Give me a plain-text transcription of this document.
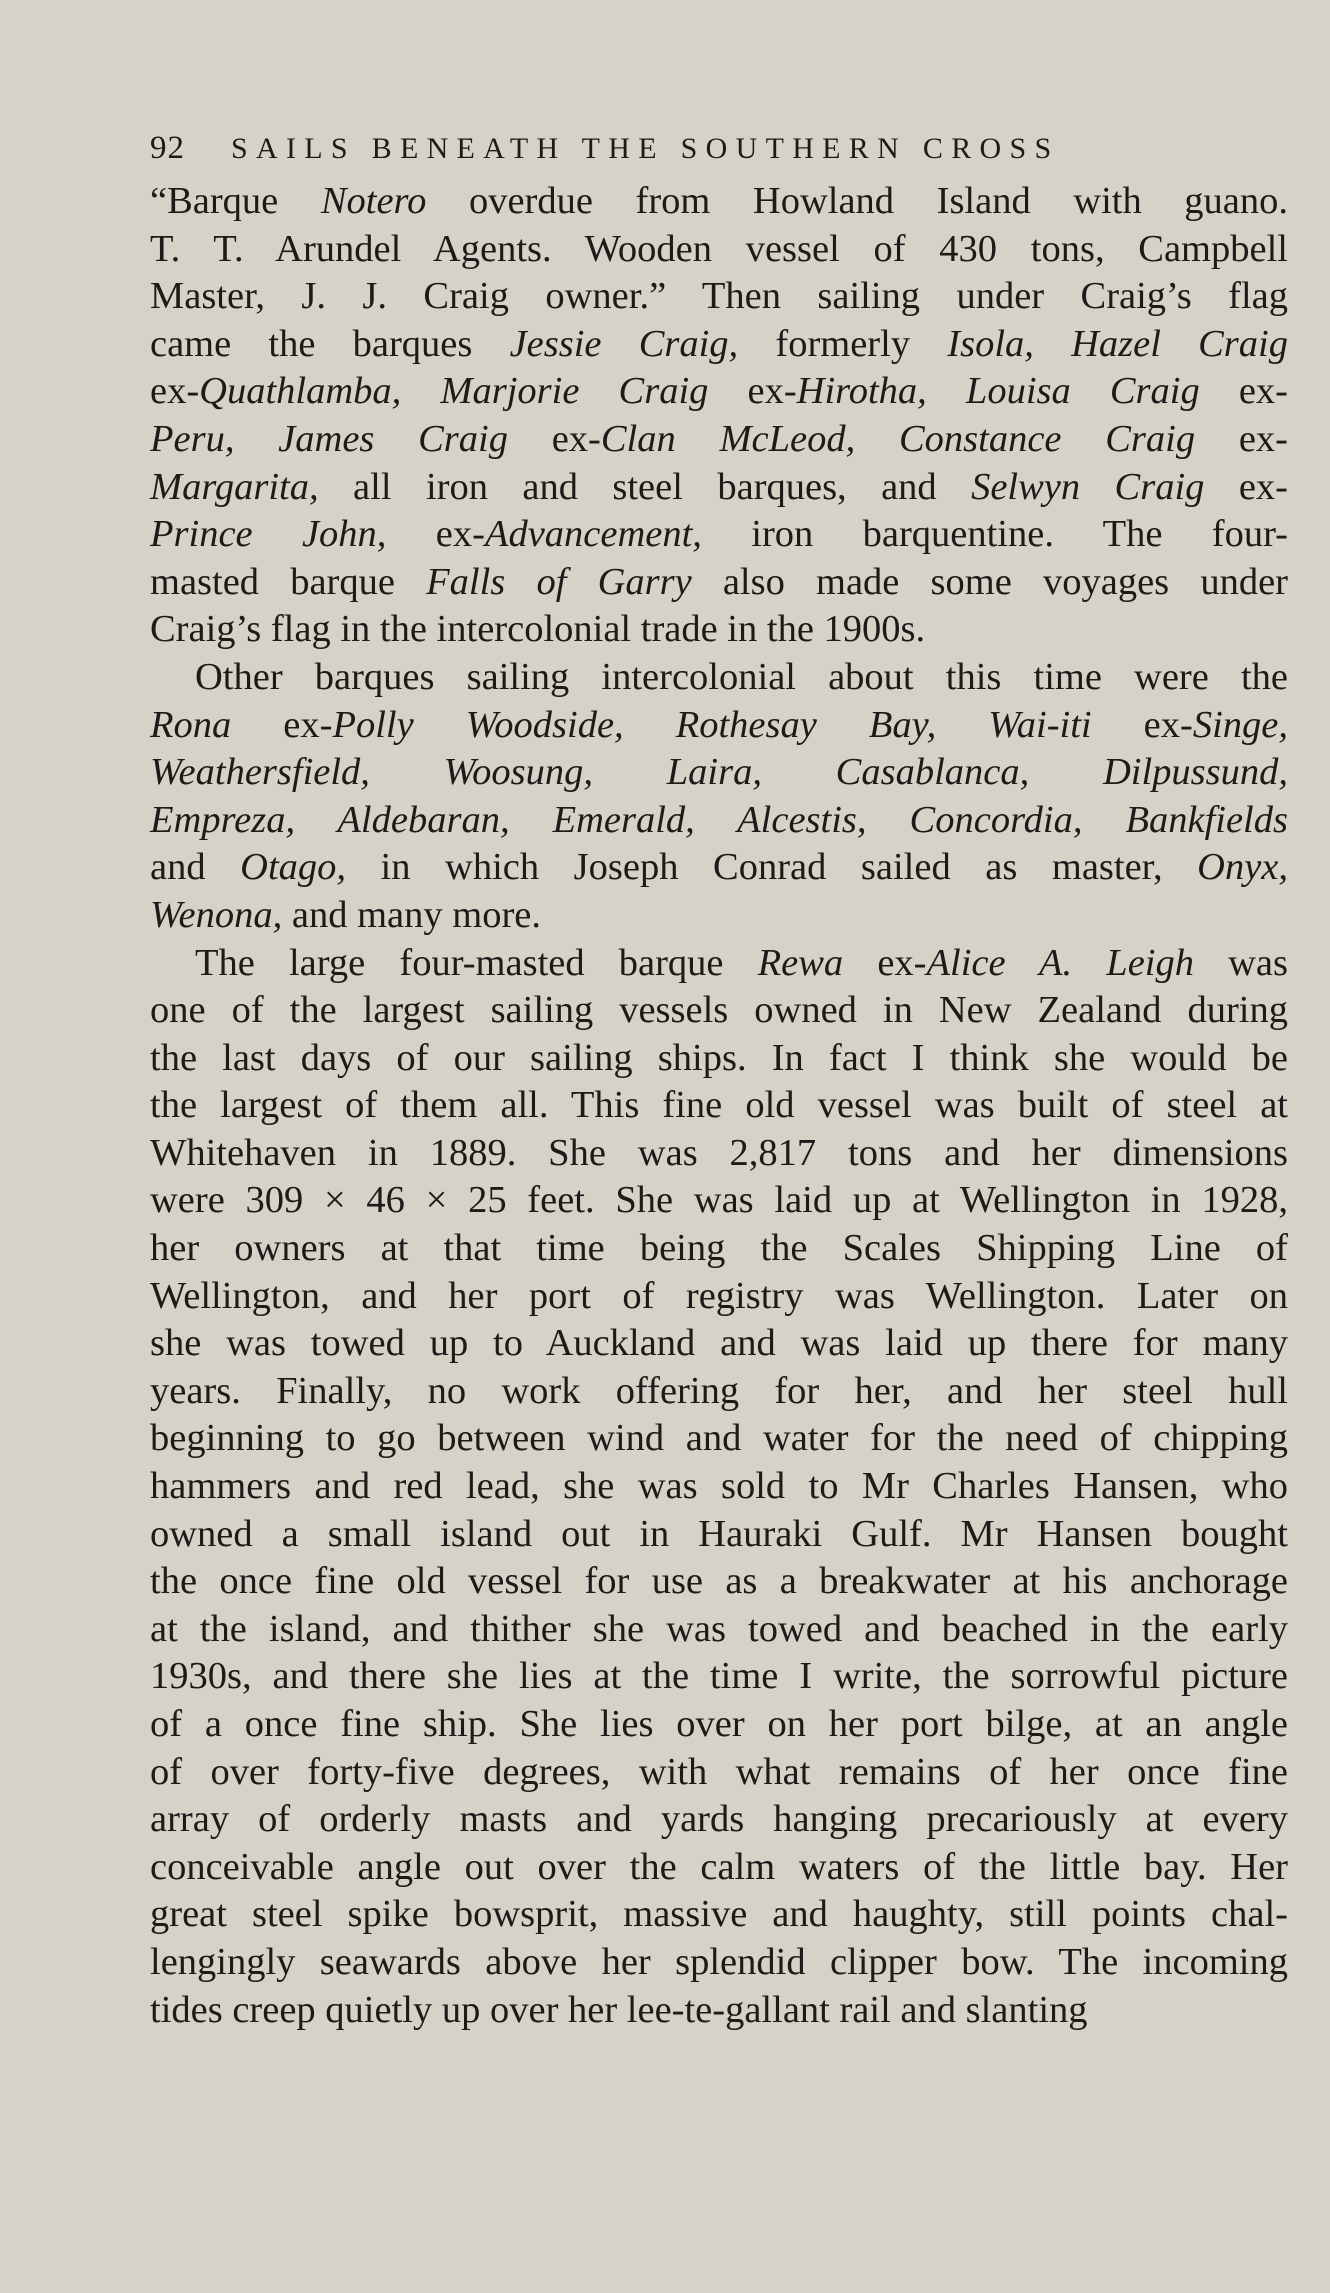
92 SAILS BENEATH THE SOUTHERN CROSS

“Barque Notero overdue from Howland Island with guano.
T. T. Arundel Agents. Wooden vessel of 430 tons, Campbell
Master, J. J. Craig owner.” Then sailing under Craig’s flag
came the barques Jessie Craig, formerly Isola, Hazel Craig
ex-Quathlamba, Marjorie Craig ex-Hirotha, Louisa Craig ex-
Peru, James Craig ex-Clan McLeod, Constance Craig ex-
Margarita, all iron and steel barques, and Selwyn Craig ex-
Prince John, ex-Advancement, iron barquentine. The four-
masted barque Falls of Garry also made some voyages under
Craig’s flag in the intercolonial trade in the 1900s.

Other barques sailing intercolonial about this time were the
Rona ex-Polly Woodside, Rothesay Bay, Wai-iti ex-Singe,
Weathersfield, Woosung, Laira, Casablanca, Dilpussund,
Empreza, Aldebaran, Emerald, Alcestis, Concordia, Bankfields
and Otago, in which Joseph Conrad sailed as master, Onyx,
Wenona, and many more.

The large four-masted barque Rewa ex-Alice A. Leigh was
one of the largest sailing vessels owned in New Zealand during
the last days of our sailing ships. In fact I think she would be
the largest of them all. This fine old vessel was built of steel at
Whitehaven in 1889. She was 2,817 tons and her dimensions
were 309 × 46 × 25 feet. She was laid up at Wellington in 1928,
her owners at that time being the Scales Shipping Line of
Wellington, and her port of registry was Wellington. Later on
she was towed up to Auckland and was laid up there for many
years. Finally, no work offering for her, and her steel hull
beginning to go between wind and water for the need of chipping
hammers and red lead, she was sold to Mr Charles Hansen, who
owned a small island out in Hauraki Gulf. Mr Hansen bought
the once fine old vessel for use as a breakwater at his anchorage
at the island, and thither she was towed and beached in the early
1930s, and there she lies at the time I write, the sorrowful picture
of a once fine ship. She lies over on her port bilge, at an angle
of over forty-five degrees, with what remains of her once fine
array of orderly masts and yards hanging precariously at every
conceivable angle out over the calm waters of the little bay. Her
great steel spike bowsprit, massive and haughty, still points chal-
lengingly seawards above her splendid clipper bow. The incoming
tides creep quietly up over her lee-te-gallant rail and slanting
